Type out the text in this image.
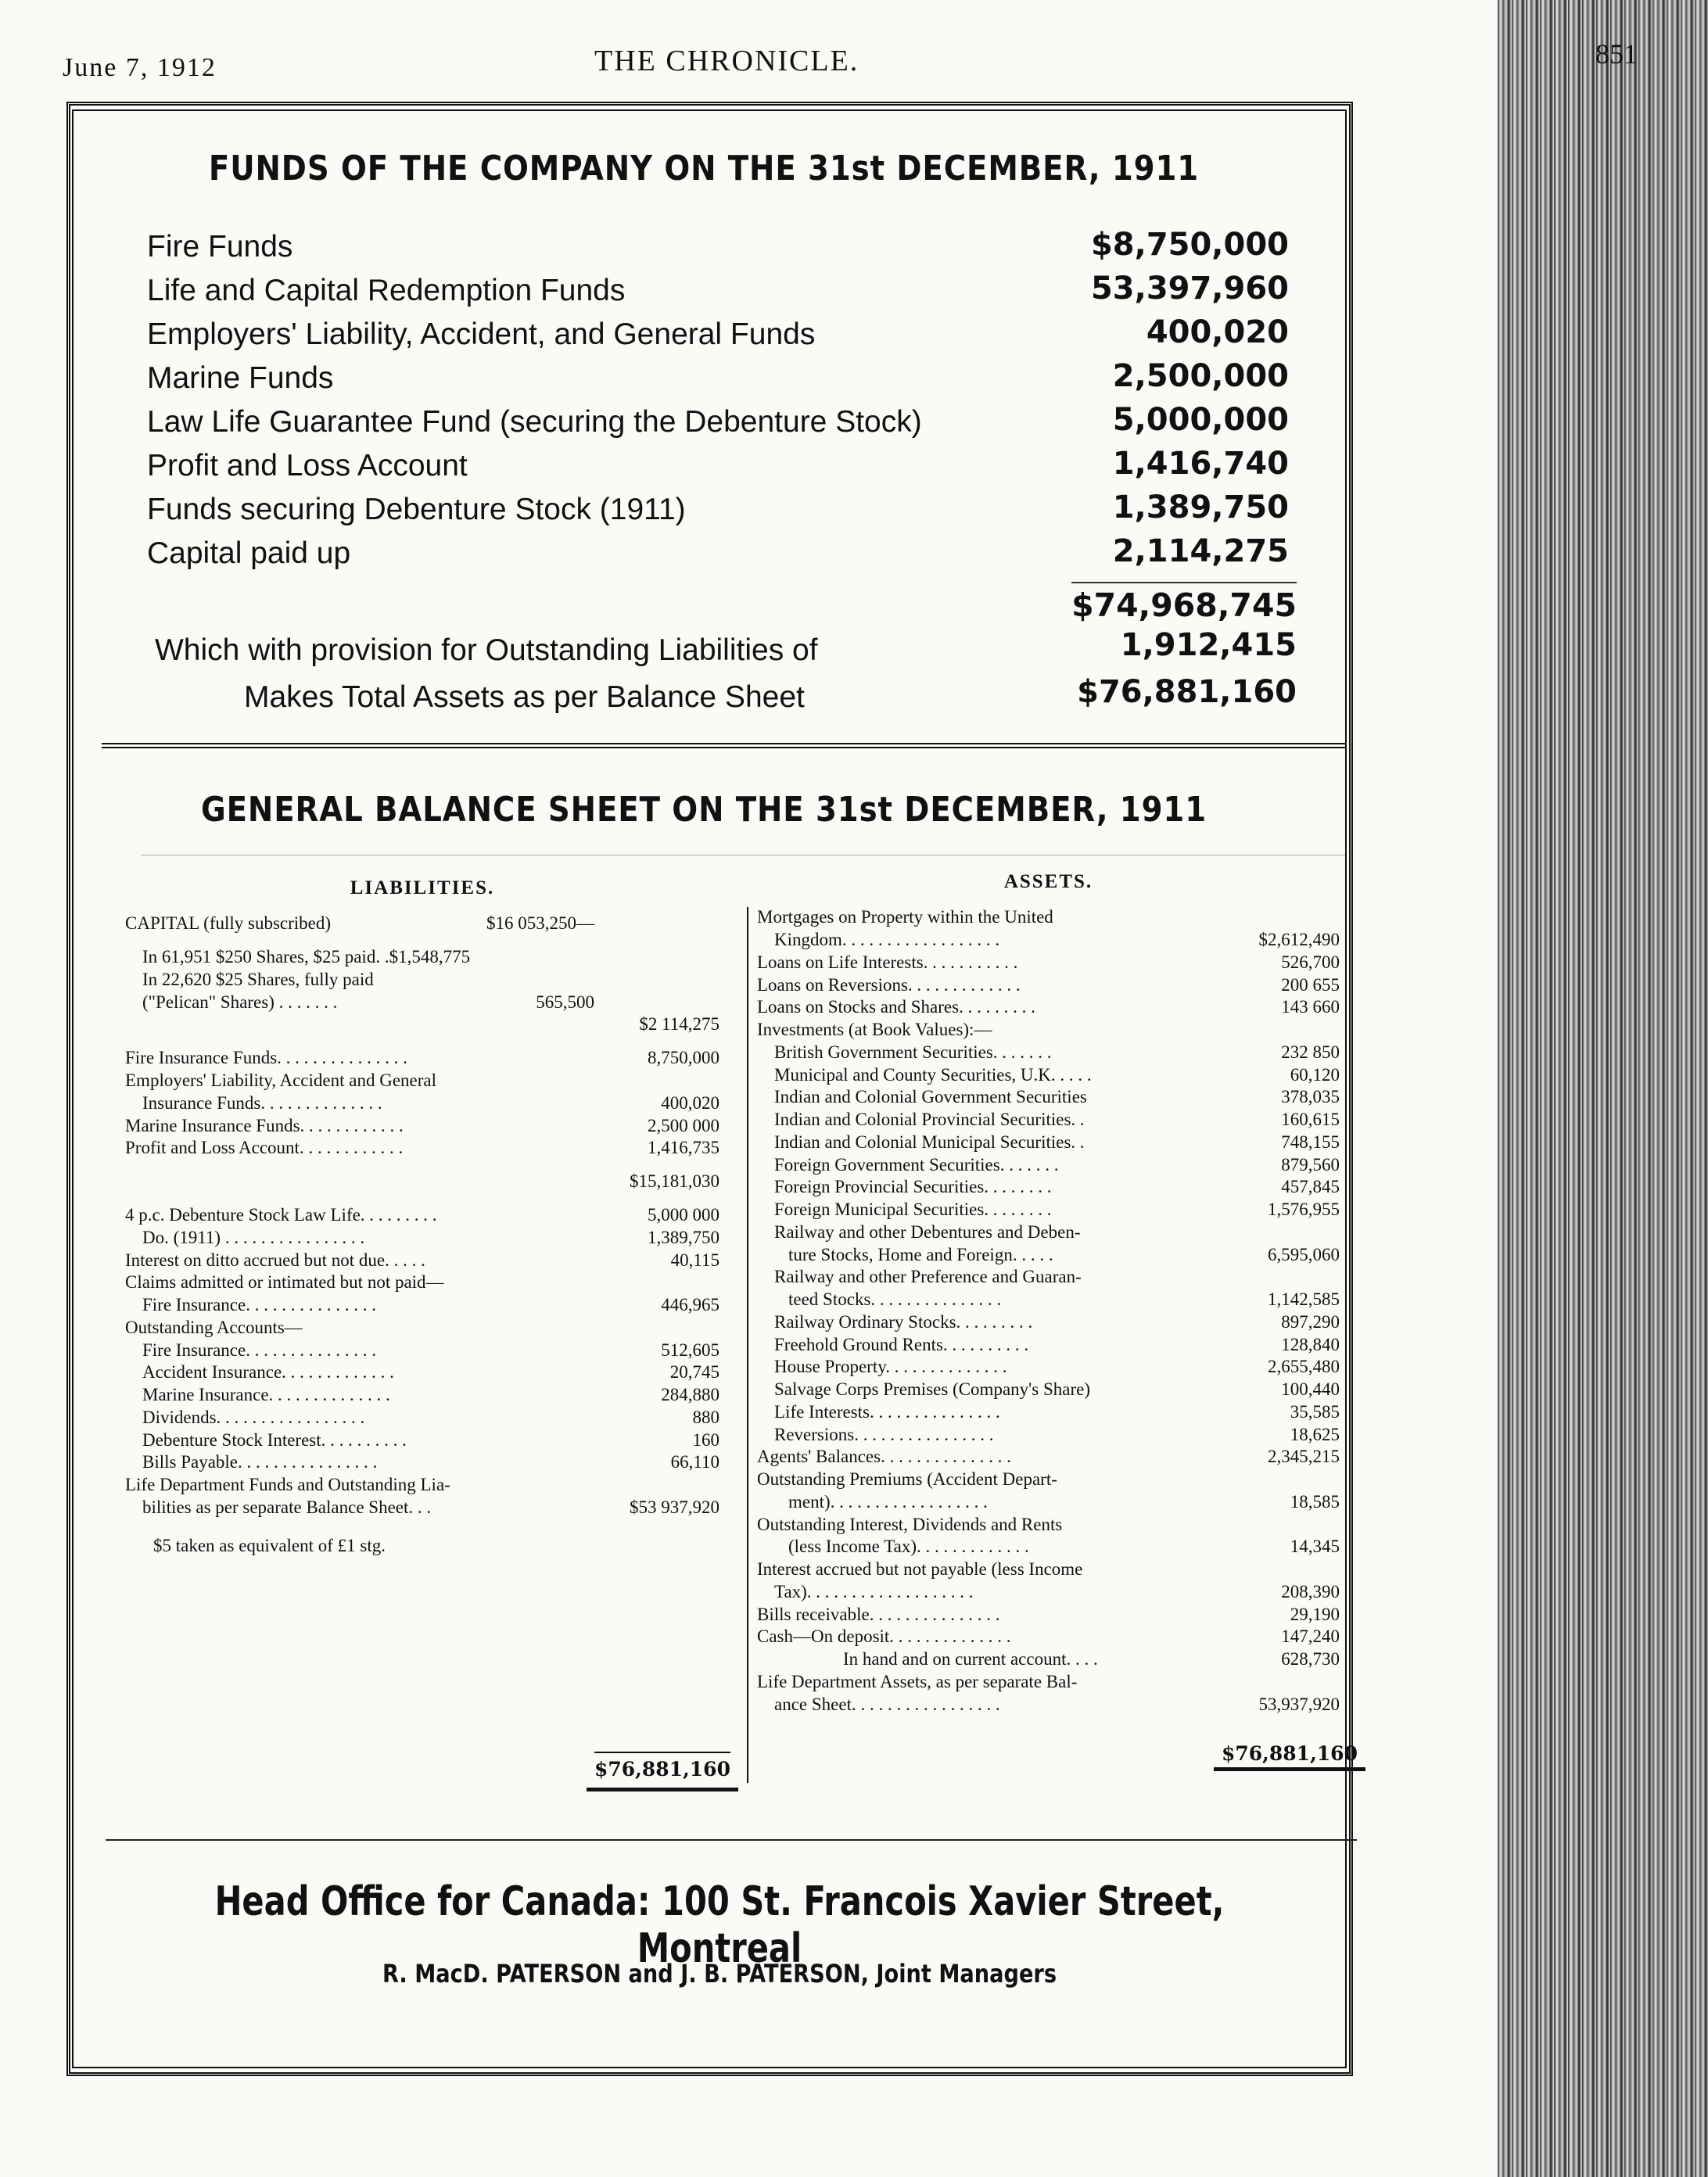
June 7, 1912	THE CHRONICLE.	851
FUNDS OF THE COMPANY ON THE 31st DECEMBER, 1911
Fire Funds	$8,750,000
Life and Capital Redemption Funds	53,397,960
Employers' Liability, Accident, and General Funds	400,020
Marine Funds	2,500,000
Law Life Guarantee Fund (securing the Debenture Stock)	5,000,000
Profit and Loss Account	1,416,740
Funds securing Debenture Stock (1911)	1,389,750
Capital paid up	2,114,275
$74,968,745
Which with provision for Outstanding Liabilities of	1,912,415
Makes Total Assets as per Balance Sheet	$76,881,160
GENERAL BALANCE SHEET ON THE 31st DECEMBER, 1911
LIABILITIES.
CAPITAL (fully subscribed)	$16 053,250—
In 61,951 $250 Shares, $25 paid. .$1,548,775
In 22,620 $25 Shares, fully paid
("Pelican" Shares) . . . . . . .	565,500
$2 114,275
Fire Insurance Funds. . . . . . . . . . . . . . .	8,750,000
Employers' Liability, Accident and General
Insurance Funds. . . . . . . . . . . . . .	400,020
Marine Insurance Funds. . . . . . . . . . . .	2,500 000
Profit and Loss Account. . . . . . . . . . . .	1,416,735
$15,181,030
4 p.c. Debenture Stock Law Life. . . . . . . . .	5,000 000
Do. (1911) . . . . . . . . . . . . . . . .	1,389,750
Interest on ditto accrued but not due. . . . .	40,115
Claims admitted or intimated but not paid—
Fire Insurance. . . . . . . . . . . . . . .	446,965
Outstanding Accounts—
Fire Insurance. . . . . . . . . . . . . . .	512,605
Accident Insurance. . . . . . . . . . . . .	20,745
Marine Insurance. . . . . . . . . . . . . .	284,880
Dividends. . . . . . . . . . . . . . . . .	880
Debenture Stock Interest. . . . . . . . . .	160
Bills Payable. . . . . . . . . . . . . . . .	66,110
Life Department Funds and Outstanding Lia-
bilities as per separate Balance Sheet. . .	$53 937,920
$5 taken as equivalent of £1 stg.
ASSETS.
Mortgages on Property within the United
Kingdom. . . . . . . . . . . . . . . . . .	$2,612,490
Loans on Life Interests. . . . . . . . . . .	526,700
Loans on Reversions. . . . . . . . . . . . .	200 655
Loans on Stocks and Shares. . . . . . . . .	143 660
Investments (at Book Values):—
British Government Securities. . . . . . .	232 850
Municipal and County Securities, U.K. . . . .	60,120
Indian and Colonial Government Securities	378,035
Indian and Colonial Provincial Securities. .	160,615
Indian and Colonial Municipal Securities. .	748,155
Foreign Government Securities. . . . . . .	879,560
Foreign Provincial Securities. . . . . . . .	457,845
Foreign Municipal Securities. . . . . . . .	1,576,955
Railway and other Debentures and Deben-
ture Stocks, Home and Foreign. . . . .	6,595,060
Railway and other Preference and Guaran-
teed Stocks. . . . . . . . . . . . . . .	1,142,585
Railway Ordinary Stocks. . . . . . . . .	897,290
Freehold Ground Rents. . . . . . . . . .	128,840
House Property. . . . . . . . . . . . . .	2,655,480
Salvage Corps Premises (Company's Share)	100,440
Life Interests. . . . . . . . . . . . . . .	35,585
Reversions. . . . . . . . . . . . . . . .	18,625
Agents' Balances. . . . . . . . . . . . . . .	2,345,215
Outstanding Premiums (Accident Depart-
ment). . . . . . . . . . . . . . . . . .	18,585
Outstanding Interest, Dividends and Rents
(less Income Tax). . . . . . . . . . . . .	14,345
Interest accrued but not payable (less Income
Tax). . . . . . . . . . . . . . . . . . .	208,390
Bills receivable. . . . . . . . . . . . . . .	29,190
Cash—On deposit. . . . . . . . . . . . . .	147,240
In hand and on current account. . . .	628,730
Life Department Assets, as per separate Bal-
ance Sheet. . . . . . . . . . . . . . . . .	53,937,920
$76,881,160
$76,881,160
Head Office for Canada: 100 St. Francois Xavier Street, Montreal
R. MacD. PATERSON and J. B. PATERSON, Joint Managers
